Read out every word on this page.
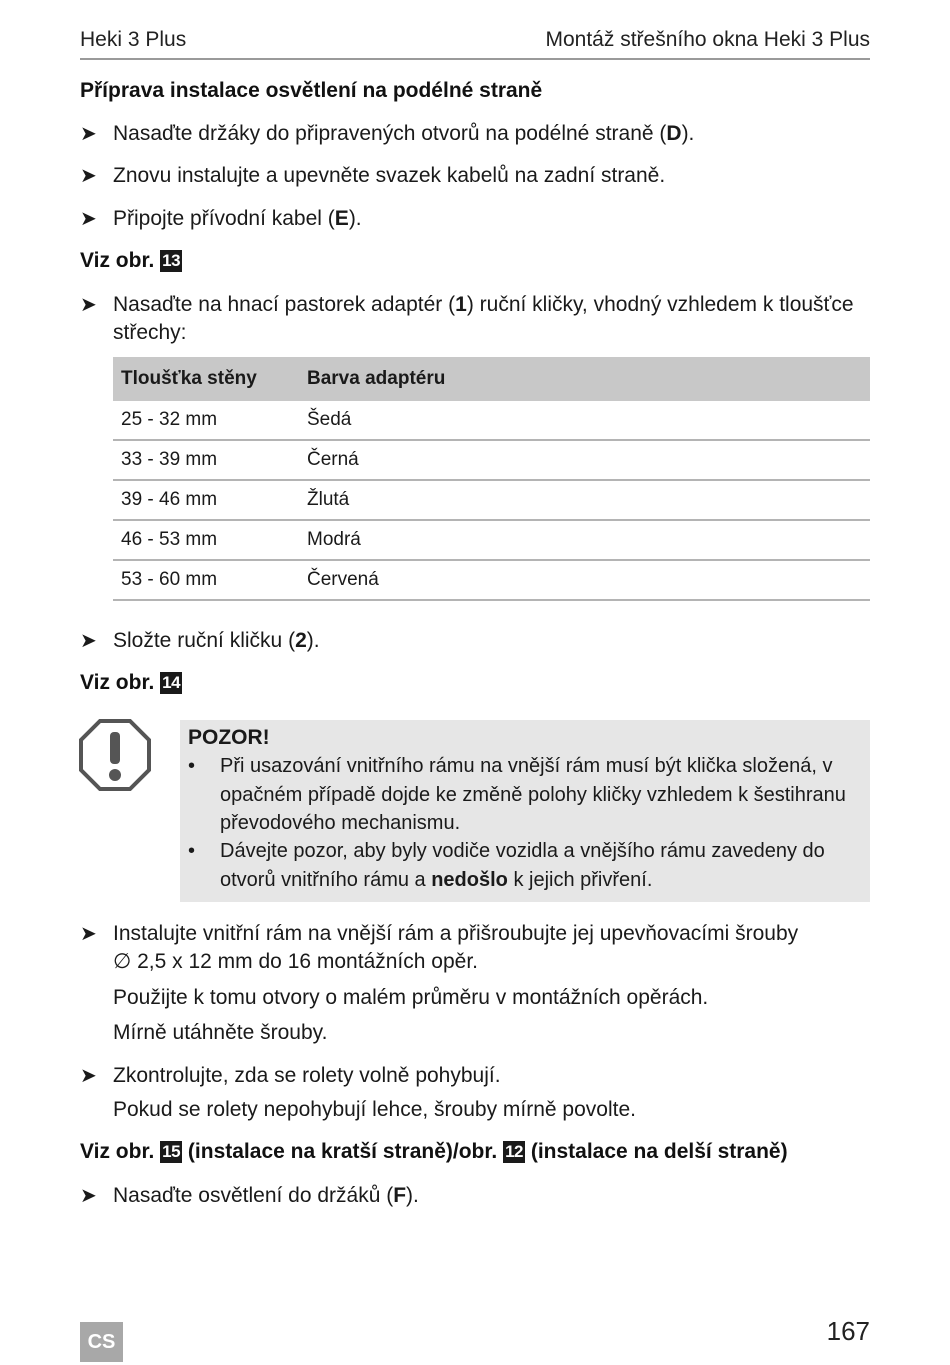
Heki 3 Plus	Montáž střešního okna Heki 3 Plus
Příprava instalace osvětlení na podélné straně
➤ Nasaďte držáky do připravených otvorů na podélné straně (D).
➤ Znovu instalujte a upevněte svazek kabelů na zadní straně.
➤ Připojte přívodní kabel (E).
Viz obr. 13
➤ Nasaďte na hnací pastorek adaptér (1) ruční kličky, vhodný vzhledem k tloušťce střechy:
Tloušťka stěny	Barva adaptéru
25 - 32 mm	Šedá
33 - 39 mm	Černá
39 - 46 mm	Žlutá
46 - 53 mm	Modrá
53 - 60 mm	Červená
➤ Složte ruční kličku (2).
Viz obr. 14
POZOR!
• Při usazování vnitřního rámu na vnější rám musí být klička složená, v opačném případě dojde ke změně polohy kličky vzhledem k šestihranu převodového mechanismu.
• Dávejte pozor, aby byly vodiče vozidla a vnějšího rámu zavedeny do otvorů vnitřního rámu a nedošlo k jejich přivření.
➤ Instalujte vnitřní rám na vnější rám a přišroubujte jej upevňovacími šrouby ∅ 2,5 x 12 mm do 16 montážních opěr.
Použijte k tomu otvory o malém průměru v montážních opěrách.
Mírně utáhněte šrouby.
➤ Zkontrolujte, zda se rolety volně pohybují.
Pokud se rolety nepohybují lehce, šrouby mírně povolte.
Viz obr. 15 (instalace na kratší straně)/obr. 12 (instalace na delší straně)
➤ Nasaďte osvětlení do držáků (F).
CS	167
